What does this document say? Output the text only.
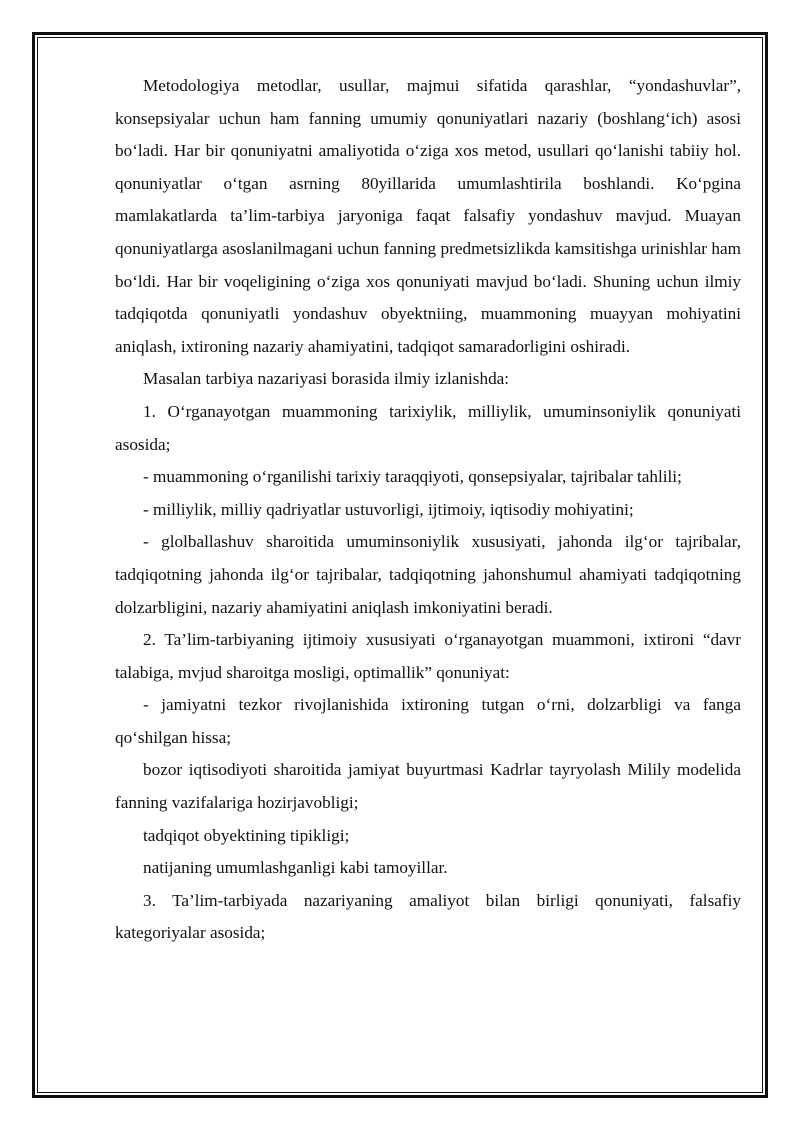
Metodologiya metodlar, usullar, majmui sifatida qarashlar, “yondashuvlar”, konsepsiyalar uchun ham fanning umumiy qonuniyatlari nazariy (boshlang‘ich) asosi bo‘ladi. Har bir qonuniyatni amaliyotida o‘ziga xos metod, usullari qo‘lanishi tabiiy hol. qonuniyatlar o‘tgan asrning 80yillarida umumlashtirila boshlandi. Ko‘pgina mamlakatlarda ta’lim-tarbiya jaryoniga faqat falsafiy yondashuv mavjud. Muayan qonuniyatlarga asoslanilmagani uchun fanning predmetsizlikda kamsitishga urinishlar ham bo‘ldi. Har bir voqeligining o‘ziga xos qonuniyati mavjud bo‘ladi. Shuning uchun ilmiy tadqiqotda qonuniyatli yondashuv obyektniing, muammoning muayyan mohiyatini aniqlash, ixtironing nazariy ahamiyatini, tadqiqot samaradorligini oshiradi.

Masalan tarbiya nazariyasi borasida ilmiy izlanishda:

1. O‘rganayotgan muammoning tarixiylik, milliylik, umuminsoniylik qonuniyati asosida;

- muammoning o‘rganilishi tarixiy taraqqiyoti, qonsepsiyalar, tajribalar tahlili;

- milliylik, milliy qadriyatlar ustuvorligi, ijtimoiy, iqtisodiy mohiyatini;

- glolballashuv sharoitida umuminsoniylik xususiyati, jahonda ilg‘or tajribalar, tadqiqotning jahonda ilg‘or tajribalar, tadqiqotning jahonshumul ahamiyati tadqiqotning dolzarbligini, nazariy ahamiyatini aniqlash imkoniyatini beradi.

2. Ta’lim-tarbiyaning ijtimoiy xususiyati o‘rganayotgan muammoni, ixtironi “davr talabiga, mvjud sharoitga mosligi, optimallik” qonuniyat:

- jamiyatni tezkor rivojlanishida ixtironing tutgan o‘rni, dolzarbligi va fanga qo‘shilgan hissa;

bozor iqtisodiyoti sharoitida jamiyat buyurtmasi Kadrlar tayryolash Milily modelida fanning vazifalariga hozirjavobligi;

tadqiqot obyektining tipikligi;

natijaning umumlashganligi kabi tamoyillar.

3. Ta’lim-tarbiyada nazariyaning amaliyot bilan birligi qonuniyati, falsafiy kategoriyalar asosida;
